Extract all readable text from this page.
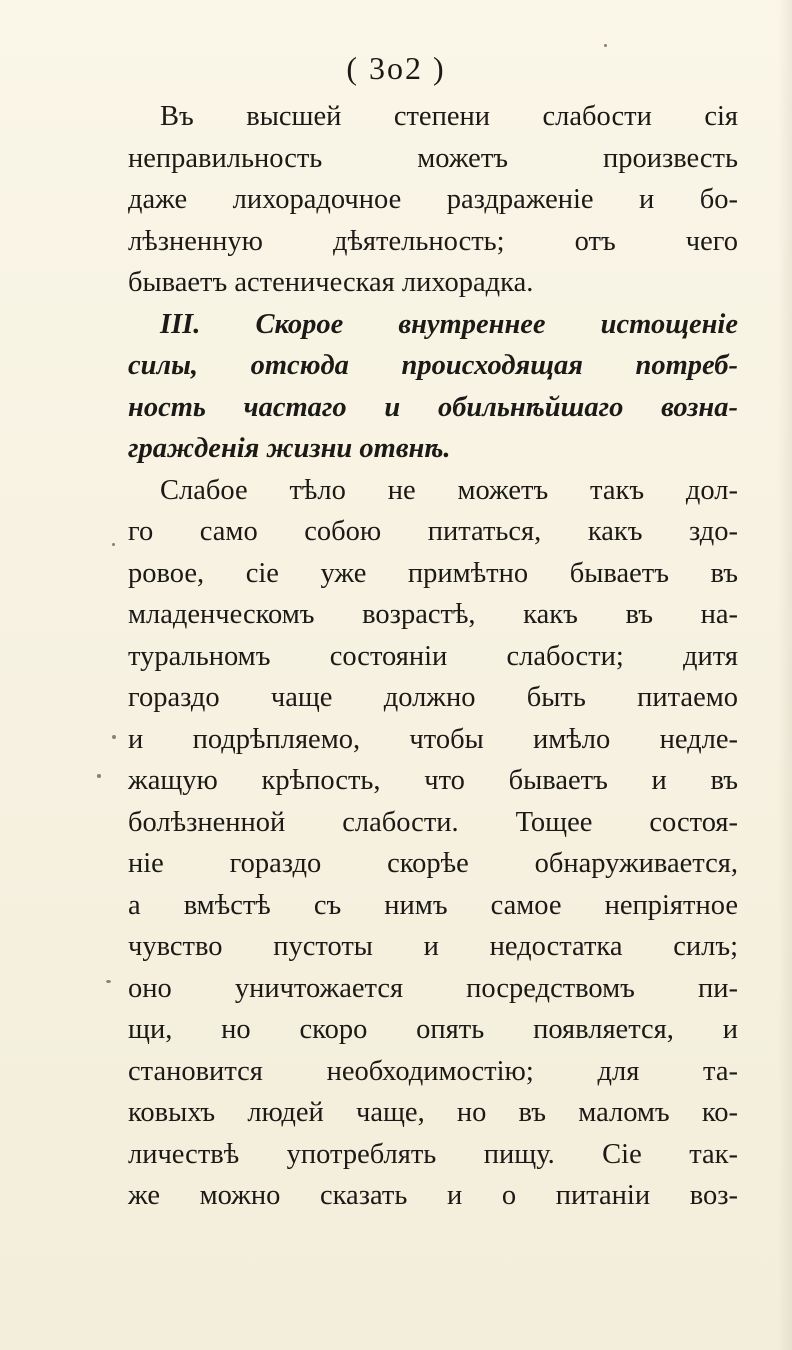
( 3o2 )
Въ высшей степени слабости сія
неправильность можетъ произвесть
даже лихорадочное раздраженіе и бо-
лѣзненную дѣятельность; отъ чего
бываетъ астеническая лихорадка.
III. Скорое внутреннее истощеніе
силы, отсюда происходящая потреб-
ность частаго и обильнѣйшаго возна-
гражденія жизни отвнѣ.
Слабое тѣло не можетъ такъ дол-
го само собою питаться, какъ здо-
ровое, сіе уже примѣтно бываетъ въ
младенческомъ возрастѣ, какъ въ на-
туральномъ состояніи слабости; дитя
гораздо чаще должно быть питаемо
и подрѣпляемо, чтобы имѣло недле-
жащую крѣпость, что бываетъ и въ
болѣзненной слабости. Тощее состоя-
ніе гораздо скорѣе обнаруживается,
а вмѣстѣ съ нимъ самое непріятное
чувство пустоты и недостатка силъ;
оно уничтожается посредствомъ пи-
щи, но скоро опять появляется, и
становится необходимостію; для та-
ковыхъ людей чаще, но въ маломъ ко-
личествѣ употреблять пищу. Сіе так-
же можно сказать и о питаніи воз-
